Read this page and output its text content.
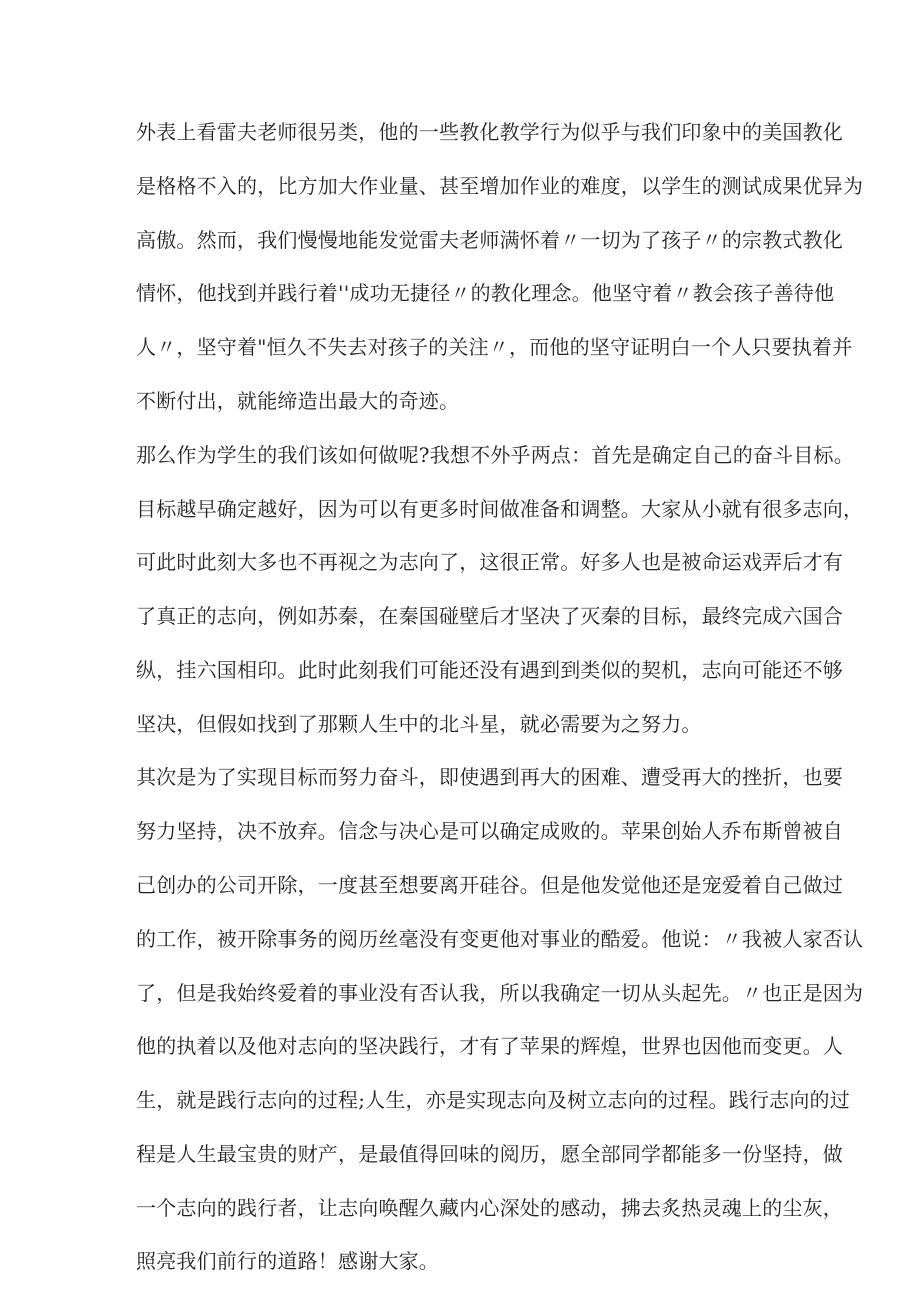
外表上看雷夫老师很另类，他的一些教化教学行为似乎与我们印象中的美国教化

是格格不入的，比方加大作业量、甚至增加作业的难度，以学生的测试成果优异为

高傲。然而，我们慢慢地能发觉雷夫老师满怀着〃一切为了孩子〃的宗教式教化

情怀，他找到并践行着''成功无捷径〃的教化理念。他坚守着〃教会孩子善待他

人〃，坚守着"恒久不失去对孩子的关注〃，而他的坚守证明白一个人只要执着并

不断付出，就能缔造出最大的奇迹。

那么作为学生的我们该如何做呢?我想不外乎两点：首先是确定自己的奋斗目标。

目标越早确定越好，因为可以有更多时间做准备和调整。大家从小就有很多志向，

可此时此刻大多也不再视之为志向了，这很正常。好多人也是被命运戏弄后才有

了真正的志向，例如苏秦，在秦国碰壁后才坚决了灭秦的目标，最终完成六国合

纵，挂六国相印。此时此刻我们可能还没有遇到到类似的契机，志向可能还不够

坚决，但假如找到了那颗人生中的北斗星，就必需要为之努力。

其次是为了实现目标而努力奋斗，即使遇到再大的困难、遭受再大的挫折，也要

努力坚持，决不放弃。信念与决心是可以确定成败的。苹果创始人乔布斯曾被自

己创办的公司开除，一度甚至想要离开硅谷。但是他发觉他还是宠爱着自己做过

的工作，被开除事务的阅历丝毫没有变更他对事业的酷爱。他说：〃我被人家否认

了，但是我始终爱着的事业没有否认我，所以我确定一切从头起先。〃也正是因为

他的执着以及他对志向的坚决践行，才有了苹果的辉煌，世界也因他而变更。人

生，就是践行志向的过程;人生，亦是实现志向及树立志向的过程。践行志向的过

程是人生最宝贵的财产，是最值得回味的阅历，愿全部同学都能多一份坚持，做

一个志向的践行者，让志向唤醒久藏内心深处的感动，拂去炙热灵魂上的尘灰，

照亮我们前行的道路！感谢大家。
